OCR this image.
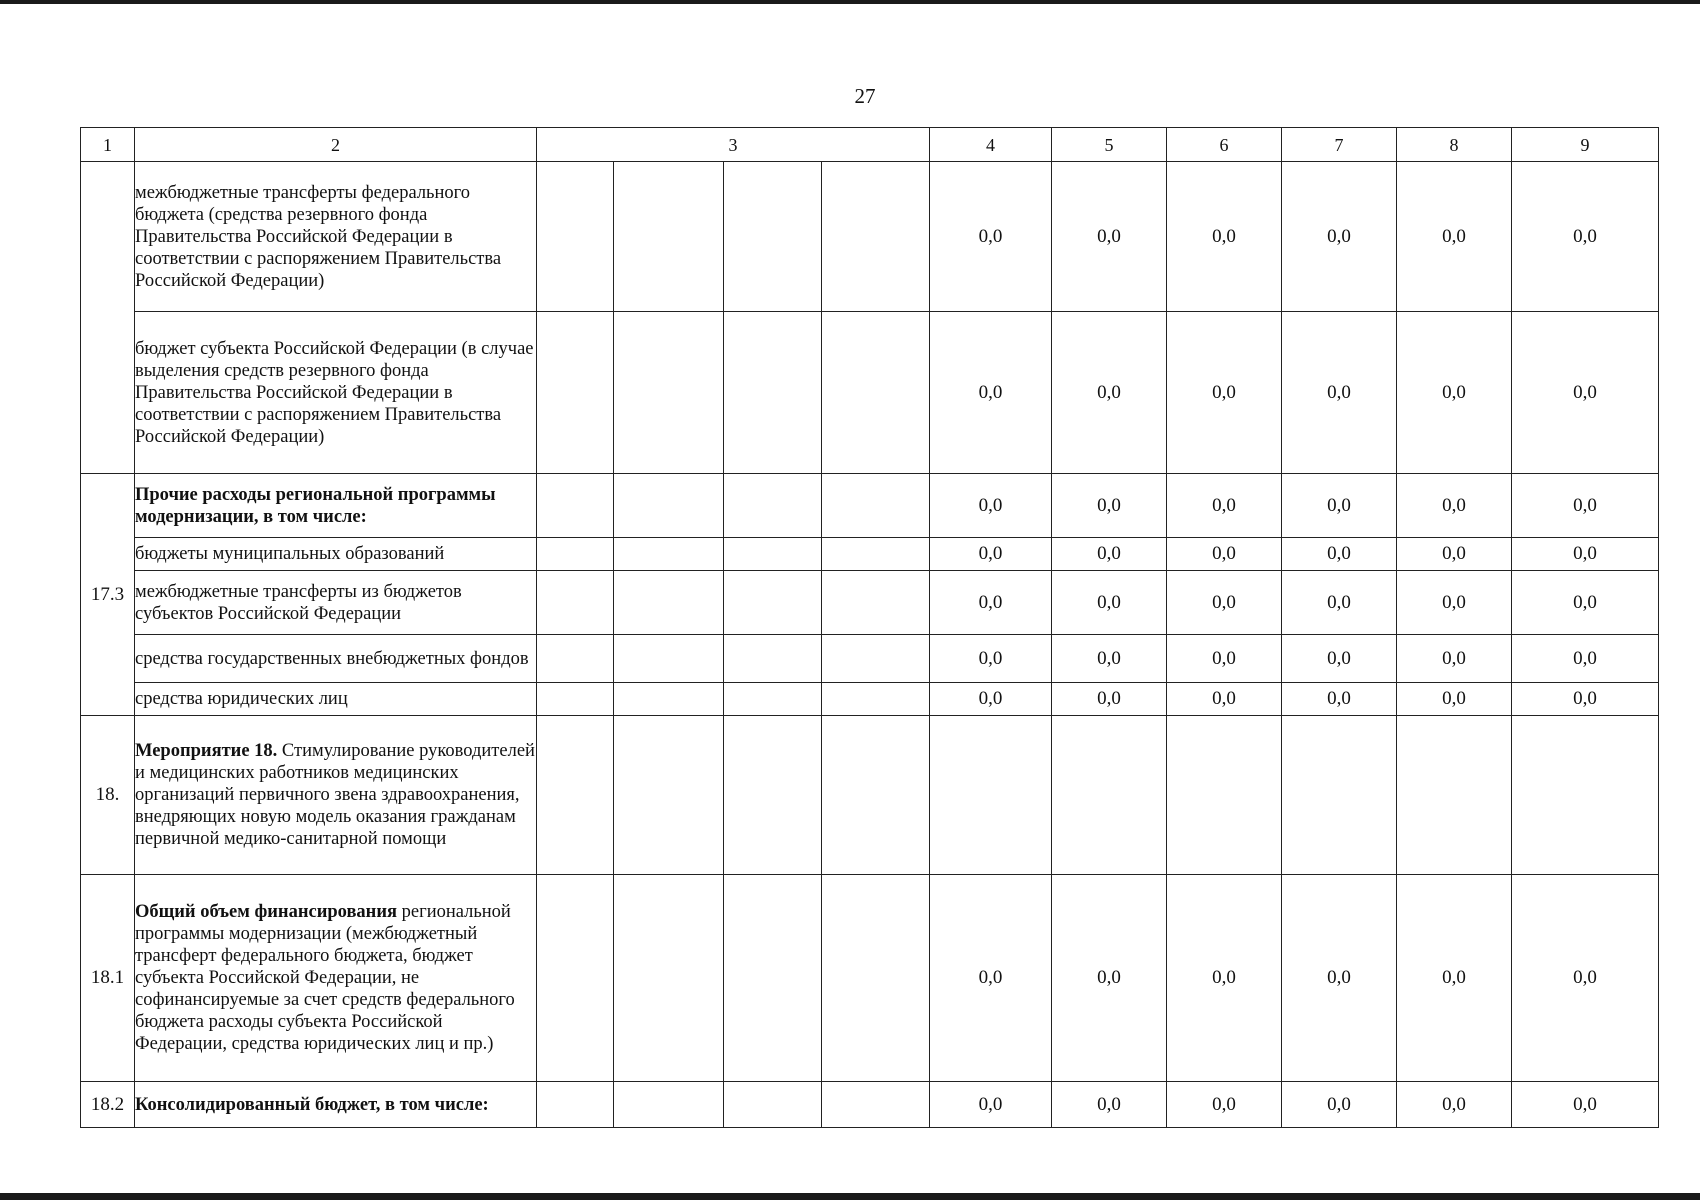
27
1	2	3				4	5	6	7	8	9
	межбюджетные трансферты федерального бюджета (средства резервного фонда Правительства Российской Федерации в соответствии с распоряжением Правительства Российской Федерации)					0,0	0,0	0,0	0,0	0,0	0,0
	бюджет субъекта Российской Федерации (в случае выделения средств резервного фонда Правительства Российской Федерации в соответствии с распоряжением Правительства Российской Федерации)					0,0	0,0	0,0	0,0	0,0	0,0
17.3	Прочие расходы региональной программы модернизации, в том числе:					0,0	0,0	0,0	0,0	0,0	0,0
	бюджеты муниципальных образований					0,0	0,0	0,0	0,0	0,0	0,0
	межбюджетные трансферты из бюджетов субъектов Российской Федерации					0,0	0,0	0,0	0,0	0,0	0,0
	средства государственных внебюджетных фондов					0,0	0,0	0,0	0,0	0,0	0,0
	средства юридических лиц					0,0	0,0	0,0	0,0	0,0	0,0
18.	Мероприятие 18. Стимулирование руководителей и медицинских работников медицинских организаций первичного звена здравоохранения, внедряющих новую модель оказания гражданам первичной медико-санитарной помощи										
18.1	Общий объем финансирования региональной программы модернизации (межбюджетный трансферт федерального бюджета, бюджет субъекта Российской Федерации, не софинансируемые за счет средств федерального бюджета расходы субъекта Российской Федерации, средства юридических лиц и пр.)					0,0	0,0	0,0	0,0	0,0	0,0
18.2	Консолидированный бюджет, в том числе:					0,0	0,0	0,0	0,0	0,0	0,0
